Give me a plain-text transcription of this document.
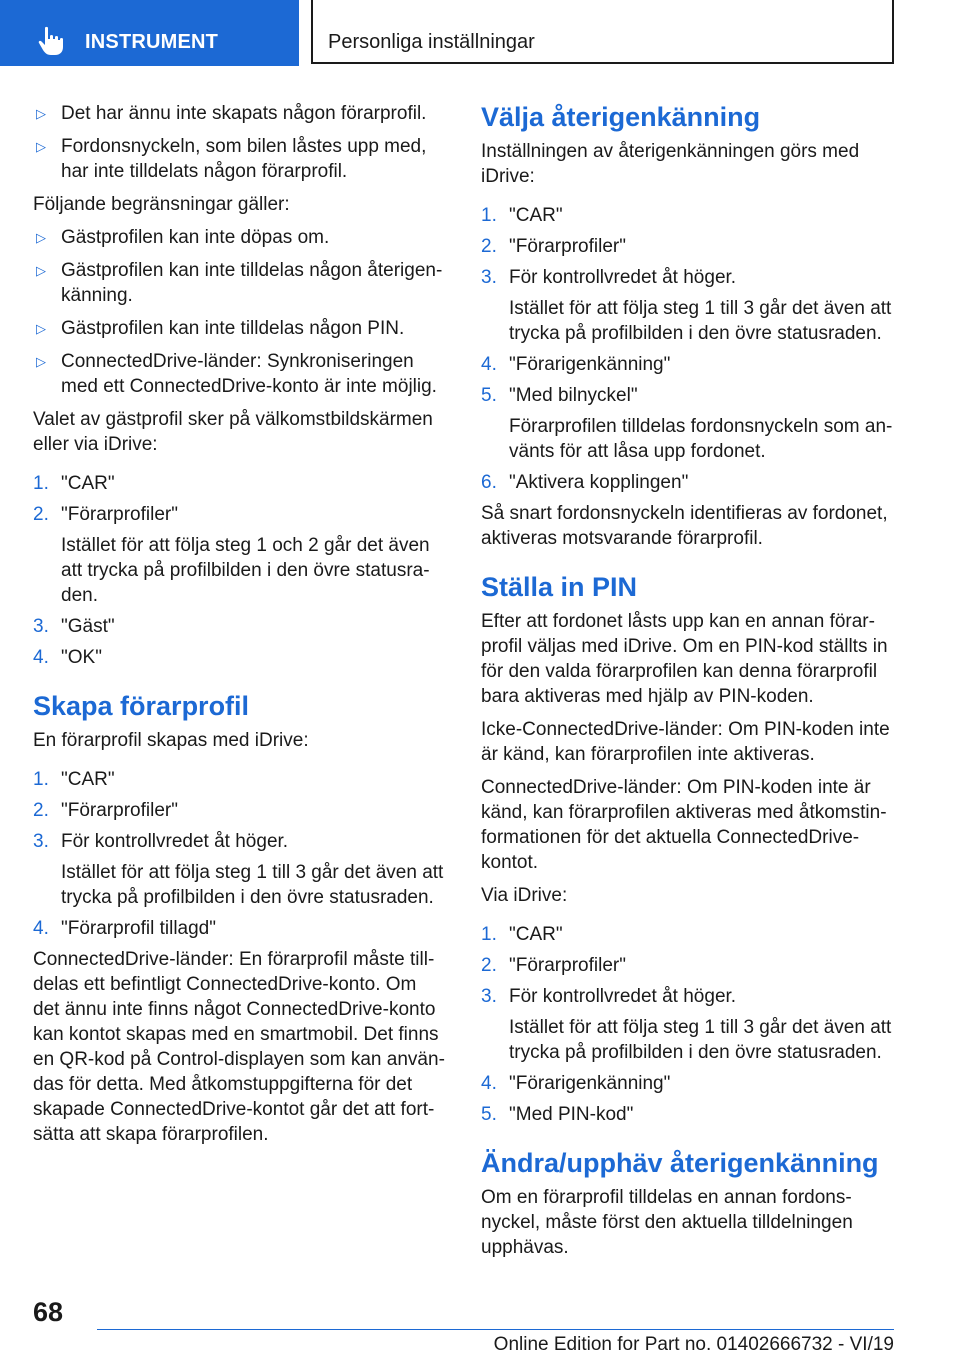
INSTRUMENT	Personliga inställningar
▷ Det har ännu inte skapats någon förarprofil.
▷ Fordonsnyckeln, som bilen låstes upp med, har inte tilldelats någon förarprofil.

Följande begränsningar gäller:

▷ Gästprofilen kan inte döpas om.
▷ Gästprofilen kan inte tilldelas någon återigenkänning.
▷ Gästprofilen kan inte tilldelas någon PIN.
▷ ConnectedDrive-länder: Synkroniseringen med ett ConnectedDrive-konto är inte möjlig.

Valet av gästprofil sker på välkomstbildskärmen eller via iDrive:

1. "CAR"
2. "Förarprofiler"
Istället för att följa steg 1 och 2 går det även att trycka på profilbilden i den övre statusraden.
3. "Gäst"
4. "OK"
Skapa förarprofil

En förarprofil skapas med iDrive:

1. "CAR"
2. "Förarprofiler"
3. För kontrollvredet åt höger.
Istället för att följa steg 1 till 3 går det även att trycka på profilbilden i den övre statusraden.
4. "Förarprofil tillagd"

ConnectedDrive-länder: En förarprofil måste tilldelas ett befintligt ConnectedDrive-konto. Om det ännu inte finns något ConnectedDrive-konto kan kontot skapas med en smartmobil. Det finns en QR-kod på Control-displayen som kan användas för detta. Med åtkomstuppgifterna för det skapade ConnectedDrive-kontot går det att fortsätta att skapa förarprofilen.

Välja återigenkänning

Inställningen av återigenkänningen görs med iDrive:

1. "CAR"
2. "Förarprofiler"
3. För kontrollvredet åt höger.
Istället för att följa steg 1 till 3 går det även att trycka på profilbilden i den övre statusraden.
4. "Förarigenkänning"
5. "Med bilnyckel"
Förarprofilen tilldelas fordonsnyckeln som använts för att låsa upp fordonet.
6. "Aktivera kopplingen"

Så snart fordonsnyckeln identifieras av fordonet, aktiveras motsvarande förarprofil.

Ställa in PIN

Efter att fordonet låsts upp kan en annan förarprofil väljas med iDrive. Om en PIN-kod ställts in för den valda förarprofilen kan denna förarprofil bara aktiveras med hjälp av PIN-koden.

Icke-ConnectedDrive-länder: Om PIN-koden inte är känd, kan förarprofilen inte aktiveras.

ConnectedDrive-länder: Om PIN-koden inte är känd, kan förarprofilen aktiveras med åtkomstinformationen för det aktuella ConnectedDrive-kontot.

Via iDrive:

1. "CAR"
2. "Förarprofiler"
3. För kontrollvredet åt höger.
Istället för att följa steg 1 till 3 går det även att trycka på profilbilden i den övre statusraden.
4. "Förarigenkänning"
5. "Med PIN-kod"
Ändra/upphäv återigenkänning

Om en förarprofil tilldelas en annan fordonsnyckel, måste först den aktuella tilldelningen upphävas.

68
Online Edition for Part no. 01402666732 - VI/19
